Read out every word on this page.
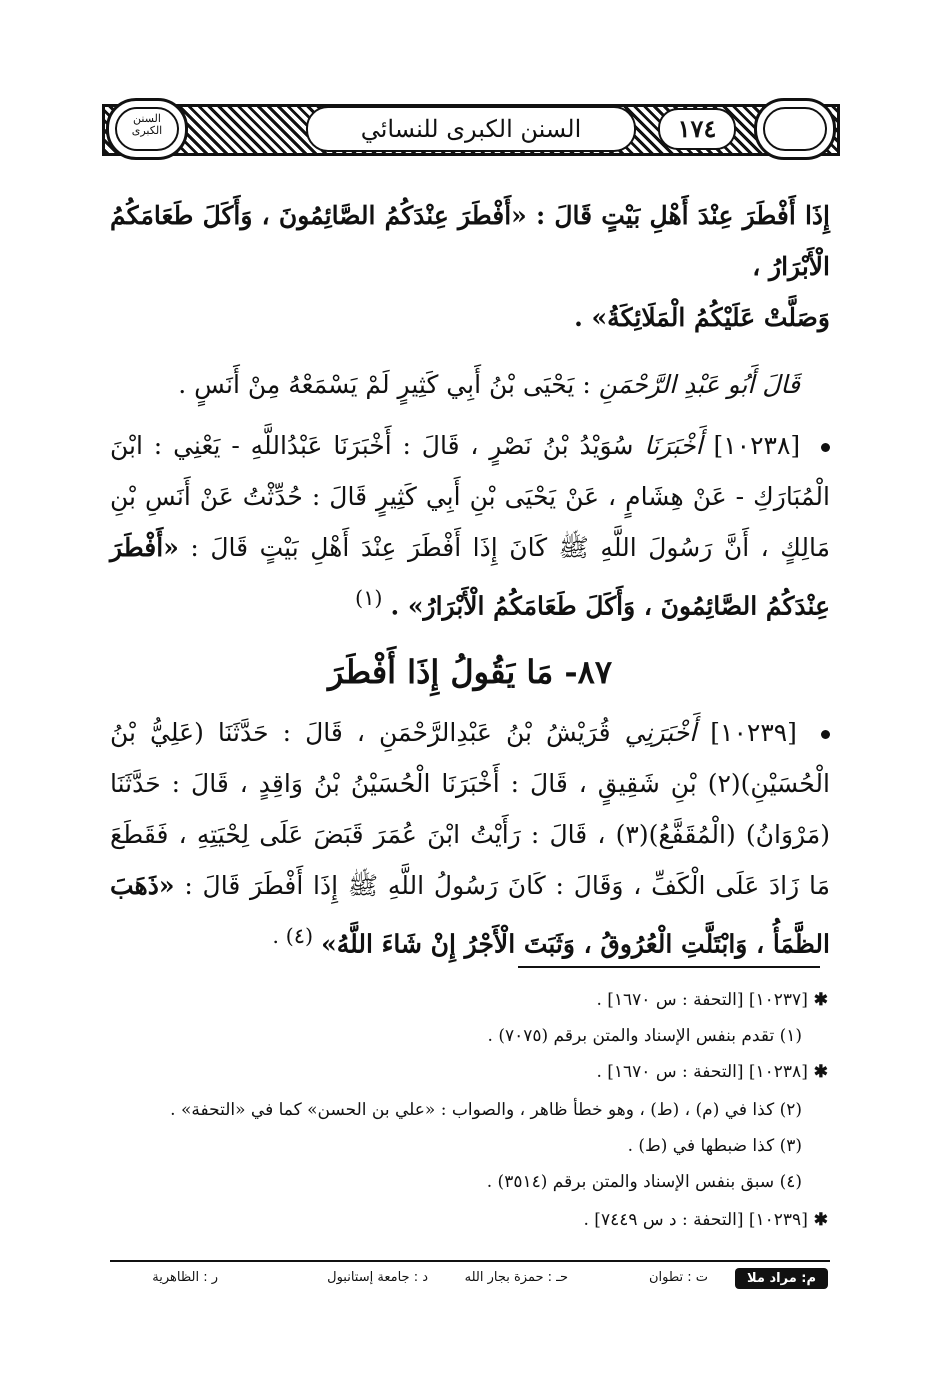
السنن الكبرى	السنن الكبرى للنسائي	١٧٤

إِذَا أَفْطَرَ عِنْدَ أَهْلِ بَيْتٍ قَالَ : «أَفْطَرَ عِنْدَكُمُ الصَّائِمُونَ ، وَأَكَلَ طَعَامَكُمُ الْأَبْرَارُ ،
وَصَلَّتْ عَلَيْكُمُ الْمَلَائِكَةُ» .

قَالَ أَبُو عَبْدِ الرَّحْمَنِ : يَحْيَى بْنُ أَبِي كَثِيرٍ لَمْ يَسْمَعْهُ مِنْ أَنَسٍ .

[١٠٢٣٨] أَخْبَرَنَا سُوَيْدُ بْنُ نَصْرٍ ، قَالَ : أَخْبَرَنَا عَبْدُاللَّهِ - يَعْنِي : ابْنَ الْمُبَارَكِ - عَنْ هِشَامٍ ، عَنْ يَحْيَى بْنِ أَبِي كَثِيرٍ قَالَ : حُدِّثْتُ عَنْ أَنَسِ بْنِ مَالِكٍ ، أَنَّ رَسُولَ اللَّهِ ﷺ كَانَ إِذَا أَفْطَرَ عِنْدَ أَهْلِ بَيْتٍ قَالَ : «أَفْطَرَ عِنْدَكُمُ الصَّائِمُونَ ، وَأَكَلَ طَعَامَكُمُ الْأَبْرَارُ» . $^{(١)}$

٨٧- مَا يَقُولُ إِذَا أَفْطَرَ

[١٠٢٣٩] أَخْبَرَنِي قُرَيْشُ بْنُ عَبْدِالرَّحْمَنِ ، قَالَ : حَدَّثَنَا (عَلِيُّ بْنُ الْحُسَيْنِ)(٢) بْنِ شَقِيقٍ ، قَالَ : أَخْبَرَنَا الْحُسَيْنُ بْنُ وَاقِدٍ ، قَالَ : حَدَّثَنَا (مَرْوَانُ) (الْمُقَفَّعُ)(٣) ، قَالَ : رَأَيْتُ ابْنَ عُمَرَ قَبَضَ عَلَى لِحْيَتِهِ ، فَقَطَعَ مَا زَادَ عَلَى الْكَفِّ ، وَقَالَ : كَانَ رَسُولُ اللَّهِ ﷺ إِذَا أَفْطَرَ قَالَ : «ذَهَبَ الظَّمَأُ ، وَابْتَلَّتِ الْعُرُوقُ ، وَثَبَتَ الْأَجْرُ إِنْ شَاءَ اللَّهُ» $^{(٤) .}$

✱ [١٠٢٣٧] [التحفة : س ١٦٧٠] .
(١) تقدم بنفس الإسناد والمتن برقم (٧٠٧٥) .
✱ [١٠٢٣٨] [التحفة : س ١٦٧٠] .
(٢) كذا في (م) ، (ط) ، وهو خطأ ظاهر ، والصواب : «علي بن الحسن» كما في «التحفة» .
(٣) كذا ضبطها في (ط) .
(٤) سبق بنفس الإسناد والمتن برقم (٣٥١٤) .
✱ [١٠٢٣٩] [التحفة : د س ٧٤٤٩] .
م: مراد ملا
ت : تطوان
حـ : حمزة بجار الله
د : جامعة إستانبول
ر : الظاهرية
